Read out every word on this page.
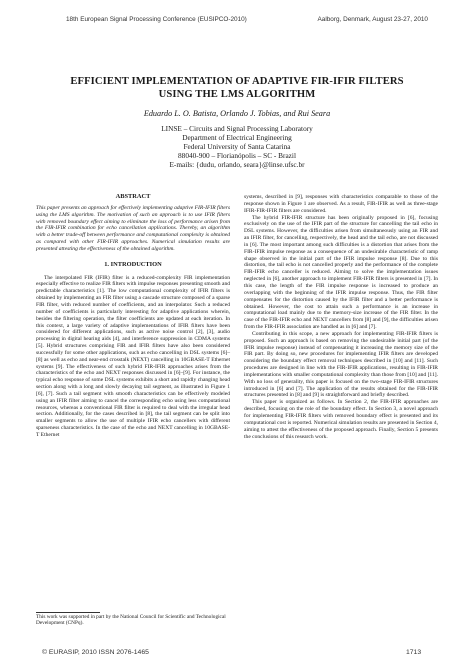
18th European Signal Processing Conference (EUSIPCO-2010)	Aalborg, Denmark, August 23-27, 2010
EFFICIENT IMPLEMENTATION OF ADAPTIVE FIR-IFIR FILTERS
USING THE LMS ALGORITHM
Eduardo L. O. Batista, Orlando J. Tobias, and Rui Seara
LINSE – Circuits and Signal Processing Laboratory
Department of Electrical Engineering
Federal University of Santa Catarina
88040-900 – Florianópolis – SC - Brazil
E-mails: {dudu, orlando, seara}@linse.ufsc.br
ABSTRACT

This paper presents an approach for effectively implementing adaptive FIR-IFIR filters using the LMS algorithm. The motivation of such an approach is to use IFIR filters with removed boundary effect aiming to eliminate the loss of performance arisen from the FIR-IFIR combination for echo cancellation applications. Thereby, an algorithm with a better trade-off between performance and computational complexity is obtained as compared with other FIR-IFIR approaches. Numerical simulation results are presented attesting the effectiveness of the obtained algorithm.

1. INTRODUCTION

The interpolated FIR (IFIR) filter is a reduced-complexity FIR implementation especially effective to realize FIR filters with impulse responses presenting smooth and predictable characteristics [1]. The low computational complexity of IFIR filters is obtained by implementing an FIR filter using a cascade structure composed of a sparse FIR filter, with reduced number of coefficients, and an interpolator. Such a reduced number of coefficients is particularly interesting for adaptive applications wherein, besides the filtering operation, the filter coefficients are updated at each iteration. In this context, a large variety of adaptive implementations of IFIR filters have been considered for different applications, such as active noise control [2], [3], audio processing in digital hearing aids [4], and interference suppression in CDMA systems [5]. Hybrid structures comprising FIR and IFIR filters have also been considered successfully for some other applications, such as echo cancelling in DSL systems [6]–[8] as well as echo and near-end crosstalk (NEXT) cancelling in 10GBASE-T Ethernet systems [9]. The effectiveness of such hybrid FIR-IFIR approaches arises from the characteristics of the echo and NEXT responses discussed in [6]–[9]. For instance, the typical echo response of some DSL systems exhibits a short and rapidly changing head section along with a long and slowly decaying tail segment, as illustrated in Figure 1 [6], [7]. Such a tail segment with smooth characteristics can be effectively modeled using an IFIR filter aiming to cancel the corresponding echo using less computational resources, whereas a conventional FIR filter is required to deal with the irregular head section. Additionally, for the cases described in [8], the tail segment can be split into smaller segments to allow the use of multiple IFIR echo cancellers with different sparseness characteristics. In the case of the echo and NEXT cancelling in 10GBASE-T Ethernet

This work was supported in part by the National Council for Scientific and Technological Development (CNPq).

systems, described in [9], responses with characteristics comparable to those of the response shown in Figure 1 are observed. As a result, FIR-IFIR as well as three-stage IFIR-FIR-IFIR filters are considered.

The hybrid FIR-IFIR structure has been originally proposed in [6], focusing exclusively on the use of the IFIR part of the structure for cancelling the tail echo in DSL systems. However, the difficulties arisen from simultaneously using an FIR and an IFIR filter, for cancelling, respectively, the head and the tail echo, are not discussed in [6]. The most important among such difficulties is a distortion that arises from the FIR-IFIR impulse response as a consequence of an undesirable characteristic of ramp shape observed in the initial part of the IFIR impulse response [8]. Due to this distortion, the tail echo is not cancelled properly and the performance of the complete FIR-IFIR echo canceller is reduced. Aiming to solve the implementation issues neglected in [6], another approach to implement FIR-IFIR filters is presented in [7]. In this case, the length of the FIR impulse response is increased to produce an overlapping with the beginning of the IFIR impulse response. Thus, the FIR filter compensates for the distortion caused by the IFIR filter and a better performance is obtained. However, the cost to attain such a performance is an increase in computational load mainly due to the memory-size increase of the FIR filter. In the case of the FIR-IFIR echo and NEXT cancellers from [8] and [9], the difficulties arisen from the FIR-IFIR association are handled as in [6] and [7].

Contributing in this scope, a new approach for implementing FIR-IFIR filters is proposed. Such an approach is based on removing the undesirable initial part (of the IFIR impulse response) instead of compensating it increasing the memory size of the FIR part. By doing so, new procedures for implementing IFIR filters are developed considering the boundary effect removal techniques described in [10] and [11]. Such procedures are designed in line with the FIR-IFIR applications, resulting in FIR-IFIR implementations with smaller computational complexity than those from [10] and [11]. With no loss of generality, this paper is focused on the two-stage FIR-IFIR structures introduced in [6] and [7]. The application of the results obtained for the FIR-IFIR structures presented in [8] and [9] is straightforward and briefly described.

This paper is organized as follows. In Section 2, the FIR-IFIR approaches are described, focusing on the role of the boundary effect. In Section 3, a novel approach for implementing FIR-IFIR filters with removed boundary effect is presented and its computational cost is reported. Numerical simulation results are presented in Section 4, aiming to attest the effectiveness of the proposed approach. Finally, Section 5 presents the conclusions of this research work.

© EURASIP, 2010 ISSN 2076-1465	1713
